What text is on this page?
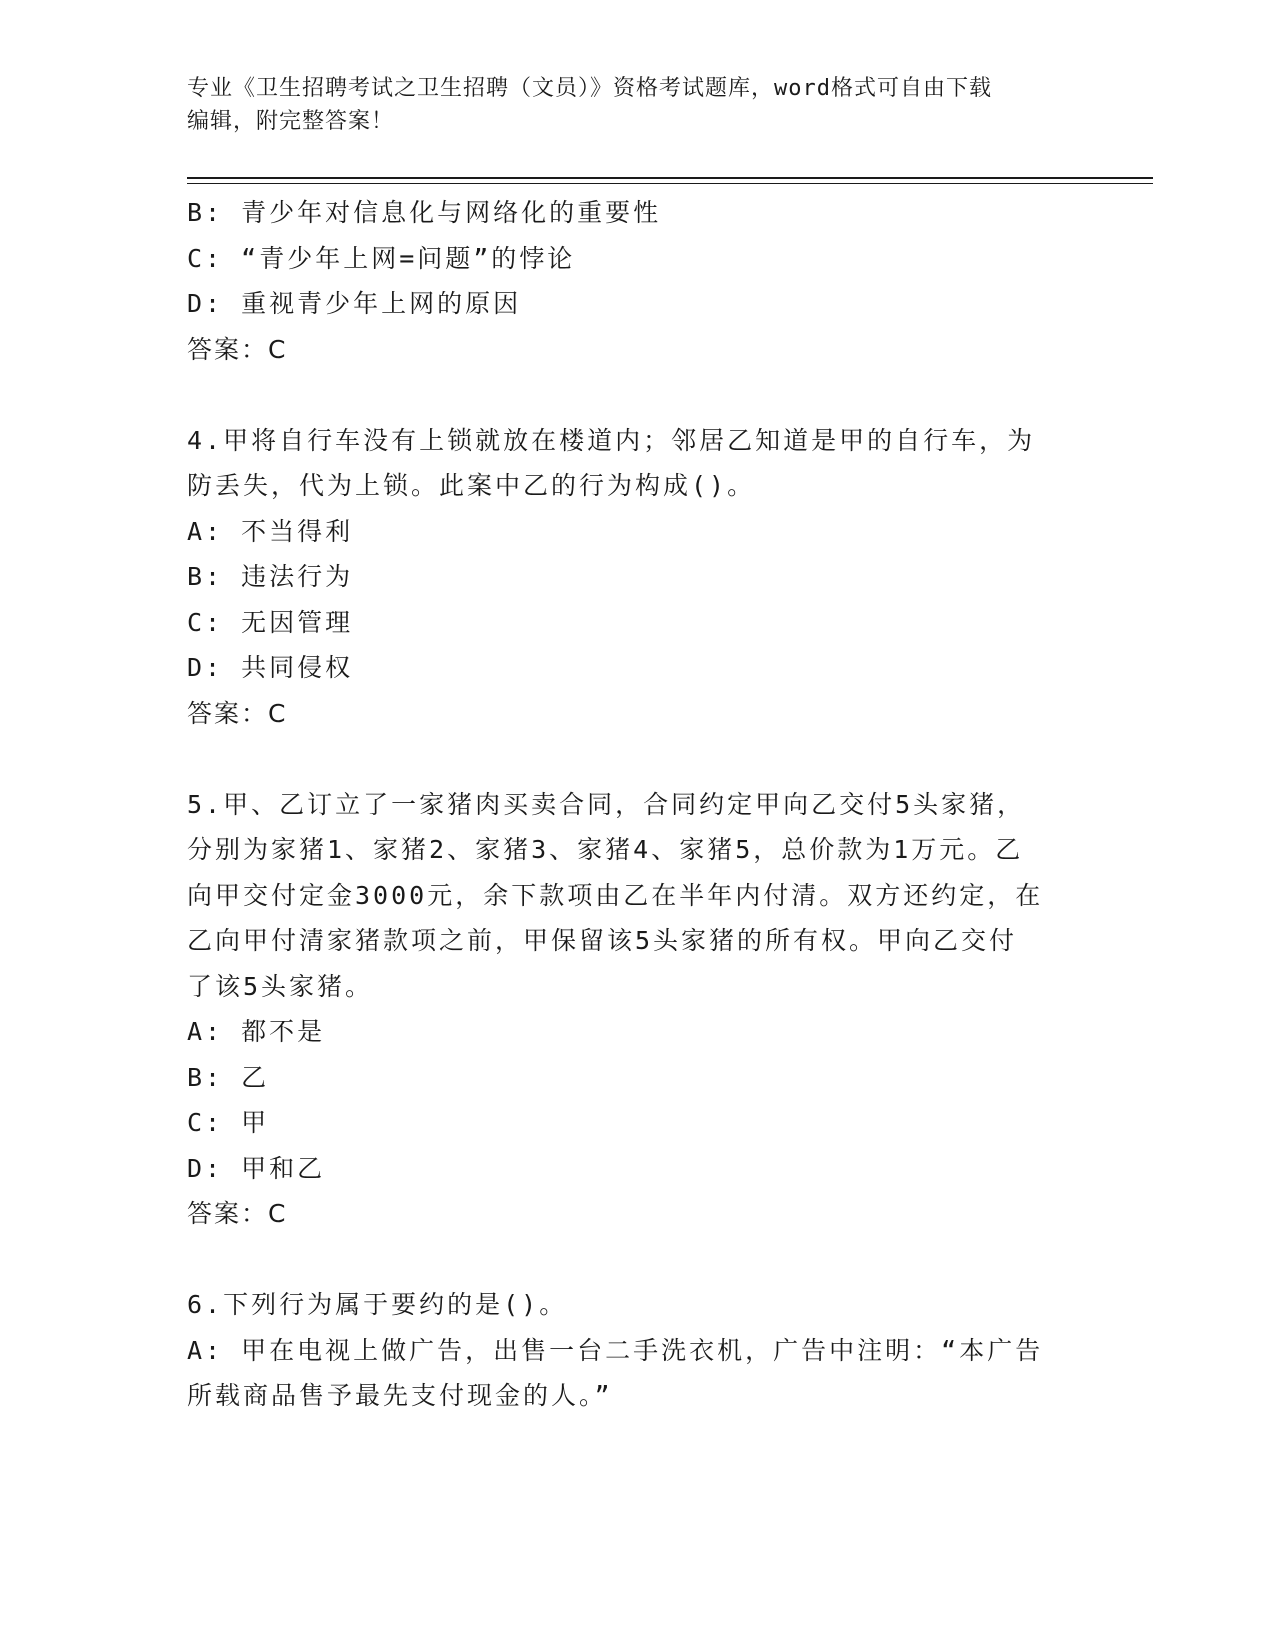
专业《卫生招聘考试之卫生招聘（文员）》资格考试题库，word格式可自由下载
编辑，附完整答案！
B: 青少年对信息化与网络化的重要性
C: “青少年上网=问题”的悖论
D: 重视青少年上网的原因
答案：C
4.甲将自行车没有上锁就放在楼道内；邻居乙知道是甲的自行车，为
防丢失，代为上锁。此案中乙的行为构成()。
A: 不当得利
B: 违法行为
C: 无因管理
D: 共同侵权
答案：C
5.甲、乙订立了一家猪肉买卖合同，合同约定甲向乙交付5头家猪，
分别为家猪1、家猪2、家猪3、家猪4、家猪5，总价款为1万元。乙
向甲交付定金3000元，余下款项由乙在半年内付清。双方还约定，在
乙向甲付清家猪款项之前，甲保留该5头家猪的所有权。甲向乙交付
了该5头家猪。
A: 都不是
B: 乙
C: 甲
D: 甲和乙
答案：C
6.下列行为属于要约的是()。
A: 甲在电视上做广告，出售一台二手洗衣机，广告中注明：“本广告
所载商品售予最先支付现金的人。”
